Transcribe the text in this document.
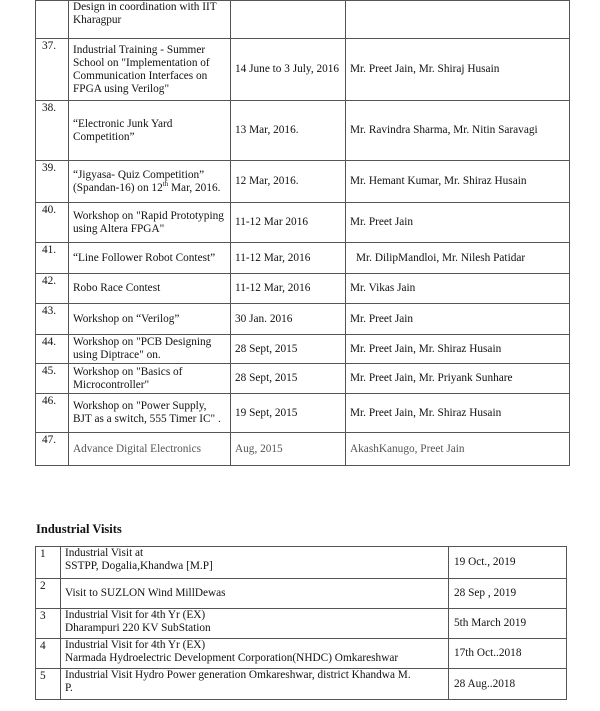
	Design in coordination with IIT Kharagpur		
37.	Industrial Training - Summer School on "Implementation of Communication Interfaces on FPGA using Verilog"	14 June to 3 July, 2016	Mr. Preet Jain, Mr. Shiraj Husain
38.	“Electronic Junk Yard Competition”	13 Mar, 2016.	Mr. Ravindra Sharma, Mr. Nitin Saravagi
39.	“Jigyasa- Quiz Competition” (Spandan-16) on 12th Mar, 2016.	12 Mar, 2016.	Mr. Hemant Kumar, Mr. Shiraz Husain
40.	Workshop on "Rapid Prototyping using Altera FPGA"	11-12 Mar 2016	Mr. Preet Jain
41.	“Line Follower Robot Contest”	11-12 Mar, 2016	Mr. DilipMandloi, Mr. Nilesh Patidar
42.	Robo Race Contest	11-12 Mar, 2016	Mr. Vikas Jain
43.	Workshop on “Verilog”	30 Jan. 2016	Mr. Preet Jain
44.	Workshop on "PCB Designing using Diptrace" on.	28 Sept, 2015	Mr. Preet Jain, Mr. Shiraz Husain
45.	Workshop on "Basics of Microcontroller"	28 Sept, 2015	Mr. Preet Jain, Mr. Priyank Sunhare
46.	Workshop on "Power Supply, BJT as a switch, 555 Timer IC" .	19 Sept, 2015	Mr. Preet Jain, Mr. Shiraz Husain
47.	Advance Digital Electronics	Aug, 2015	AkashKanugo, Preet Jain
Industrial Visits
1	Industrial Visit at
SSTPP, Dogalia,Khandwa [M.P]	19 Oct., 2019
2	Visit to SUZLON Wind MillDewas	28 Sep , 2019
3	Industrial Visit for 4th Yr (EX)
Dharampuri 220 KV SubStation	5th March 2019
4	Industrial Visit for 4th Yr (EX)
Narmada Hydroelectric Development Corporation(NHDC) Omkareshwar	17th Oct..2018
5	Industrial Visit Hydro Power generation Omkareshwar, district Khandwa M.
P.	28 Aug..2018
